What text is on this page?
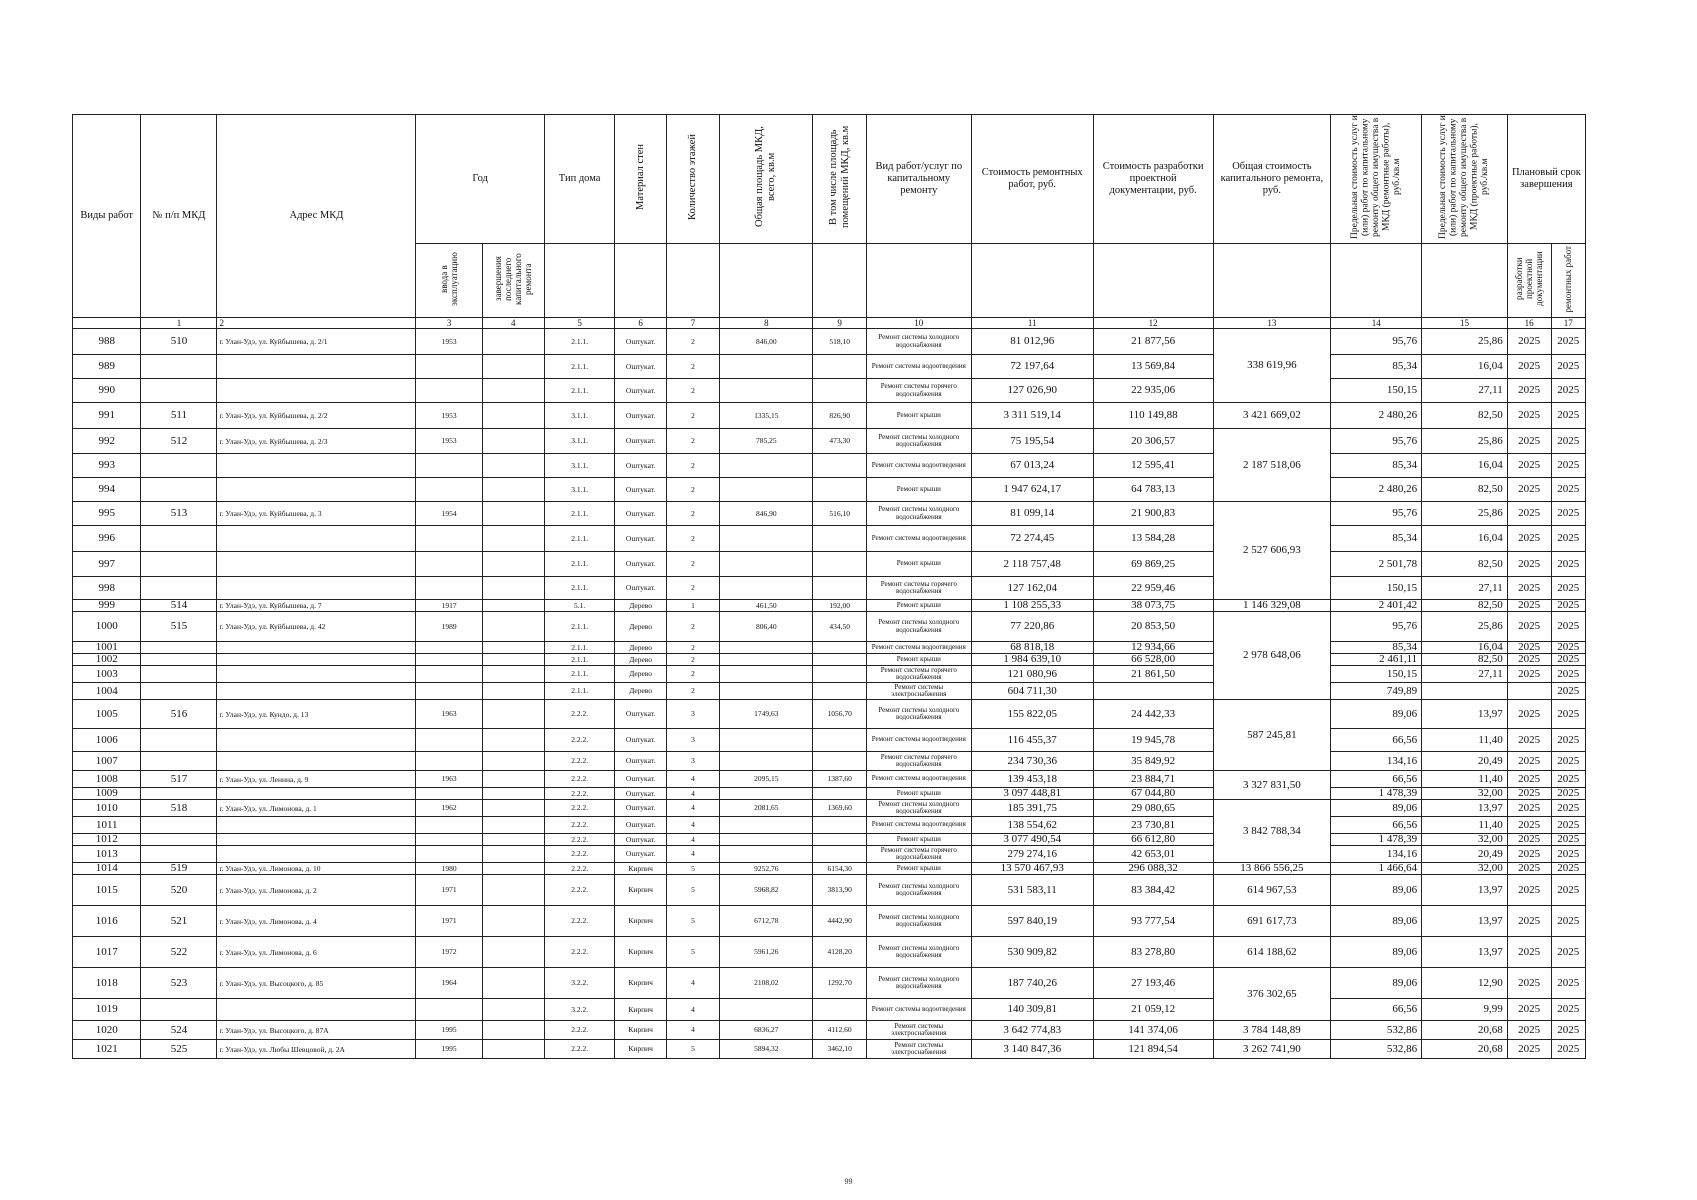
Виды работ	№ п/п МКД	Адрес МКД	Год		Тип дома	Материал стен	Количество этажей	Общая площадь МКД, всего, кв.м	В том числе площадь помещений МКД, кв.м	Вид работ/услуг по капитальному ремонту	Стоимость ремонтных работ, руб.	Стоимость разработки проектной документации, руб.	Общая стоимость капитального ремонта, руб.	Предельная стоимость услуг и (или) работ по капитальному ремонту общего имущества в МКД (ремонтные работы), руб./кв.м	Предельная стоимость услуг и (или) работ по капитальному ремонту общего имущества в МКД (проектные работы), руб./кв.м	Плановый срок завершения	
			ввода в эксплуатацию	завершения последнего капитального ремонта												разработки проектной документации	ремонтных работ
	1	2	3	4	5	6	7	8	9	10	11	12	13	14	15	16	17
988	510	г. Улан-Удэ, ул. Куйбышева, д. 2/1	1953		2.1.1.	Оштукат.	2	846,00	518,10	Ремонт системы холодного водоснабжения	81 012,96	21 877,56	338 619,96	95,76	25,86	2025	2025
989					2.1.1.	Оштукат.	2			Ремонт системы водоотведения	72 197,64	13 569,84		85,34	16,04	2025	2025
990					2.1.1.	Оштукат.	2			Ремонт системы горячего водоснабжения	127 026,90	22 935,06		150,15	27,11	2025	2025
991	511	г. Улан-Удэ, ул. Куйбышева, д. 2/2	1953		3.1.1.	Оштукат.	2	1335,15	826,90	Ремонт крыши	3 311 519,14	110 149,88	3 421 669,02	2 480,26	82,50	2025	2025
992	512	г. Улан-Удэ, ул. Куйбышева, д. 2/3	1953		3.1.1.	Оштукат.	2	785,25	473,30	Ремонт системы холодного водоснабжения	75 195,54	20 306,57	2 187 518,06	95,76	25,86	2025	2025
993					3.1.1.	Оштукат.	2			Ремонт системы водоотведения	67 013,24	12 595,41		85,34	16,04	2025	2025
994					3.1.1.	Оштукат.	2			Ремонт крыши	1 947 624,17	64 783,13		2 480,26	82,50	2025	2025
995	513	г. Улан-Удэ, ул. Куйбышева, д. 3	1954		2.1.1.	Оштукат.	2	846,90	516,10	Ремонт системы холодного водоснабжения	81 099,14	21 900,83	2 527 606,93	95,76	25,86	2025	2025
996					2.1.1.	Оштукат.	2			Ремонт системы водоотведения	72 274,45	13 584,28		85,34	16,04	2025	2025
997					2.1.1.	Оштукат.	2			Ремонт крыши	2 118 757,48	69 869,25		2 501,78	82,50	2025	2025
998					2.1.1.	Оштукат.	2			Ремонт системы горячего водоснабжения	127 162,04	22 959,46		150,15	27,11	2025	2025
999	514	г. Улан-Удэ, ул. Куйбышева, д. 7	1917		5.1.	Дерево	1	461,50	192,00	Ремонт крыши	1 108 255,33	38 073,75	1 146 329,08	2 401,42	82,50	2025	2025
1000	515	г. Улан-Удэ, ул. Куйбышева, д. 42	1989		2.1.1.	Дерево	2	806,40	434,50	Ремонт системы холодного водоснабжения	77 220,86	20 853,50	2 978 648,06	95,76	25,86	2025	2025
1001					2.1.1.	Дерево	2			Ремонт системы водоотведения	68 818,18	12 934,66		85,34	16,04	2025	2025
1002					2.1.1.	Дерево	2			Ремонт крыши	1 984 639,10	66 528,00		2 461,11	82,50	2025	2025
1003					2.1.1.	Дерево	2			Ремонт системы горячего водоснабжения	121 080,96	21 861,50		150,15	27,11	2025	2025
1004					2.1.1.	Дерево	2			Ремонт системы электроснабжения	604 711,30			749,89			2025
1005	516	г. Улан-Удэ, ул. Кундо, д. 13	1963		2.2.2.	Оштукат.	3	1749,63	1056,70	Ремонт системы холодного водоснабжения	155 822,05	24 442,33	587 245,81	89,06	13,97	2025	2025
1006					2.2.2.	Оштукат.	3			Ремонт системы водоотведения	116 455,37	19 945,78		66,56	11,40	2025	2025
1007					2.2.2.	Оштукат.	3			Ремонт системы горячего водоснабжения	234 730,36	35 849,92		134,16	20,49	2025	2025
1008	517	г. Улан-Удэ, ул. Ленина, д. 9	1963		2.2.2.	Оштукат.	4	2095,15	1387,60	Ремонт системы водоотведения	139 453,18	23 884,71	3 327 831,50	66,56	11,40	2025	2025
1009					2.2.2.	Оштукат.	4			Ремонт крыши	3 097 448,81	67 044,80		1 478,39	32,00	2025	2025
1010	518	г. Улан-Удэ, ул. Лимонова, д. 1	1962		2.2.2.	Оштукат.	4	2081,65	1369,60	Ремонт системы холодного водоснабжения	185 391,75	29 080,65	3 842 788,34	89,06	13,97	2025	2025
1011					2.2.2.	Оштукат.	4			Ремонт системы водоотведения	138 554,62	23 730,81		66,56	11,40	2025	2025
1012					2.2.2.	Оштукат.	4			Ремонт крыши	3 077 490,54	66 612,80		1 478,39	32,00	2025	2025
1013					2.2.2.	Оштукат.	4			Ремонт системы горячего водоснабжения	279 274,16	42 653,01		134,16	20,49	2025	2025
1014	519	г. Улан-Удэ, ул. Лимонова, д. 10	1980		2.2.2.	Кирпич	5	9252,76	6154,30	Ремонт крыши	13 570 467,93	296 088,32	13 866 556,25	1 466,64	32,00	2025	2025
1015	520	г. Улан-Удэ, ул. Лимонова, д. 2	1971		2.2.2.	Кирпич	5	5968,82	3813,90	Ремонт системы холодного водоснабжения	531 583,11	83 384,42	614 967,53	89,06	13,97	2025	2025
1016	521	г. Улан-Удэ, ул. Лимонова, д. 4	1971		2.2.2.	Кирпич	5	6712,78	4442,90	Ремонт системы холодного водоснабжения	597 840,19	93 777,54	691 617,73	89,06	13,97	2025	2025
1017	522	г. Улан-Удэ, ул. Лимонова, д. 6	1972		2.2.2.	Кирпич	5	5961,26	4128,20	Ремонт системы холодного водоснабжения	530 909,82	83 278,80	614 188,62	89,06	13,97	2025	2025
1018	523	г. Улан-Удэ, ул. Высоцкого, д. 85	1964		3.2.2.	Кирпич	4	2108,02	1292,70	Ремонт системы холодного водоснабжения	187 740,26	27 193,46	376 302,65	89,06	12,90	2025	2025
1019					3.2.2.	Кирпич	4			Ремонт системы водоотведения	140 309,81	21 059,12		66,56	9,99	2025	2025
1020	524	г. Улан-Удэ, ул. Высоцкого, д. 87А	1995		2.2.2.	Кирпич	4	6836,27	4112,60	Ремонт системы электроснабжения	3 642 774,83	141 374,06	3 784 148,89	532,86	20,68	2025	2025
1021	525	г. Улан-Удэ, ул. Любы Шевцовой, д. 2А	1995		2.2.2.	Кирпич	5	5894,32	3462,10	Ремонт системы электроснабжения	3 140 847,36	121 894,54	3 262 741,90	532,86	20,68	2025	2025
99
